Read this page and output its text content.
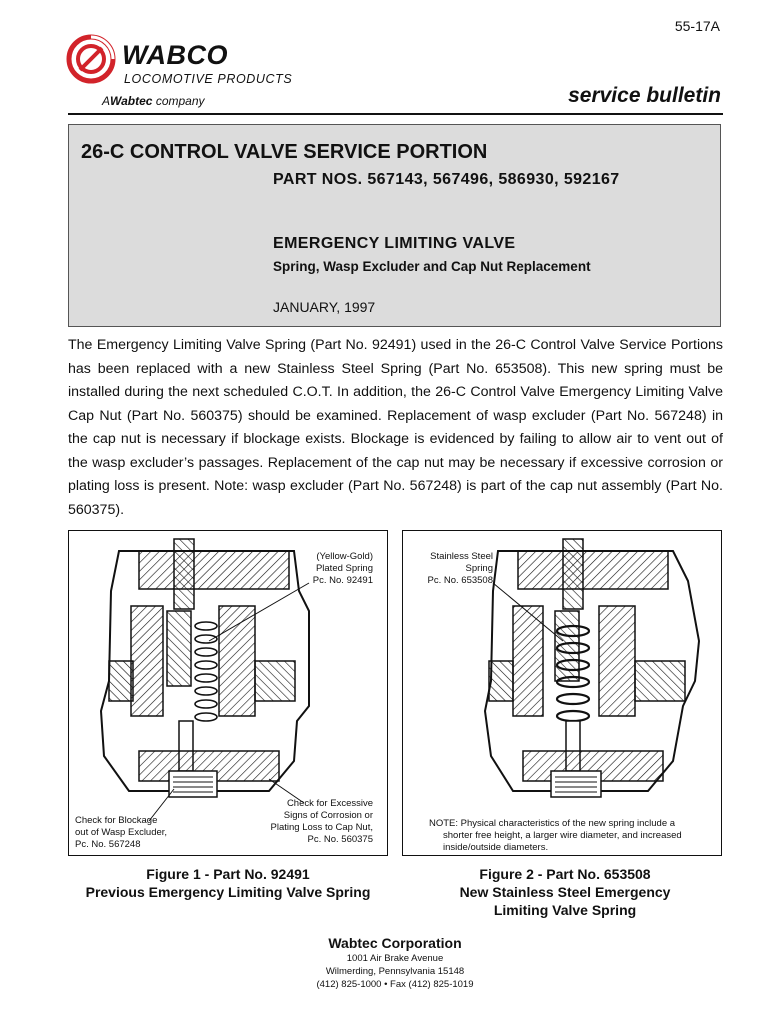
55-17A
WABCO
LOCOMOTIVE PRODUCTS
AWabtec company	service bulletin
26-C CONTROL VALVE SERVICE PORTION
PART NOS. 567143, 567496, 586930, 592167
EMERGENCY LIMITING VALVE
Spring, Wasp Excluder and Cap Nut Replacement
JANUARY, 1997
The Emergency Limiting Valve Spring (Part No. 92491) used in the 26-C Control Valve Service Portions has been replaced with a new Stainless Steel Spring (Part No. 653508). This new spring must be installed during the next scheduled C.O.T. In addition, the 26-C Control Valve Emergency Limiting Valve Cap Nut (Part No. 560375) should be examined. Replacement of wasp excluder (Part No. 567248) in the cap nut is necessary if blockage exists. Blockage is evidenced by failing to allow air to vent out of the wasp excluder’s passages. Replacement of the cap nut may be necessary if excessive corrosion or plating loss is present. Note: wasp excluder (Part No. 567248) is part of the cap nut assembly (Part No. 560375).
(Yellow-Gold)
Plated Spring
Pc. No. 92491
Check for Blockage
out of Wasp Excluder,
Pc. No. 567248
Check for Excessive
Signs of Corrosion or
Plating Loss to Cap Nut,
Pc. No. 560375
Stainless Steel
Spring
Pc. No. 653508
NOTE: Physical characteristics of the new spring include a
shorter free height, a larger wire diameter, and increased
inside/outside diameters.
Figure 1 - Part No. 92491
Previous Emergency Limiting Valve Spring
Figure 2 - Part No. 653508
New Stainless Steel Emergency
Limiting Valve Spring
Wabtec Corporation
1001 Air Brake Avenue
Wilmerding, Pennsylvania 15148
(412) 825-1000 • Fax (412) 825-1019
